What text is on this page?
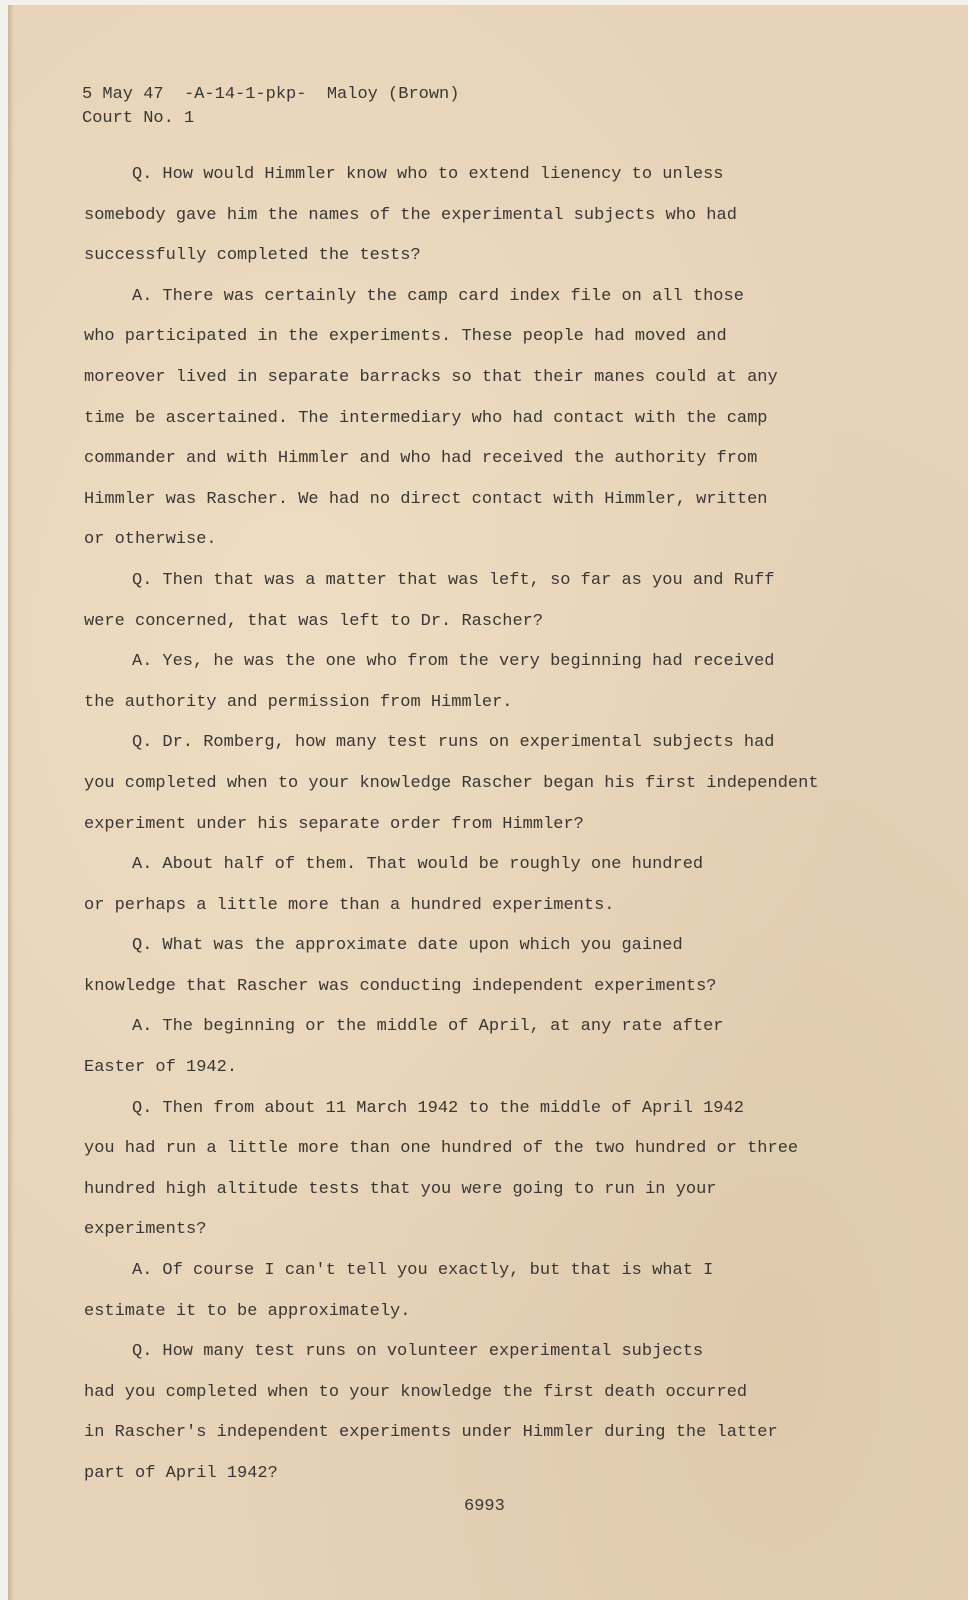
5 May 47  -A-14-1-pkp-  Maloy (Brown)
Court No. 1
Q. How would Himmler know who to extend lienency to unless
somebody gave him the names of the experimental subjects who had
successfully completed the tests?
A. There was certainly the camp card index file on all those
who participated in the experiments. These people had moved and
moreover lived in separate barracks so that their manes could at any
time be ascertained. The intermediary who had contact with the camp
commander and with Himmler and who had received the authority from
Himmler was Rascher. We had no direct contact with Himmler, written
or otherwise.
Q. Then that was a matter that was left, so far as you and Ruff
were concerned, that was left to Dr. Rascher?
A. Yes, he was the one who from the very beginning had received
the authority and permission from Himmler.
Q. Dr. Romberg, how many test runs on experimental subjects had
you completed when to your knowledge Rascher began his first independent
experiment under his separate order from Himmler?
A. About half of them. That would be roughly one hundred
or perhaps a little more than a hundred experiments.
Q. What was the approximate date upon which you gained
knowledge that Rascher was conducting independent experiments?
A. The beginning or the middle of April, at any rate after
Easter of 1942.
Q. Then from about 11 March 1942 to the middle of April 1942
you had run a little more than one hundred of the two hundred or three
hundred high altitude tests that you were going to run in your
experiments?
A. Of course I can't tell you exactly, but that is what I
estimate it to be approximately.
Q. How many test runs on volunteer experimental subjects
had you completed when to your knowledge the first death occurred
in Rascher's independent experiments under Himmler during the latter
part of April 1942?
6993
